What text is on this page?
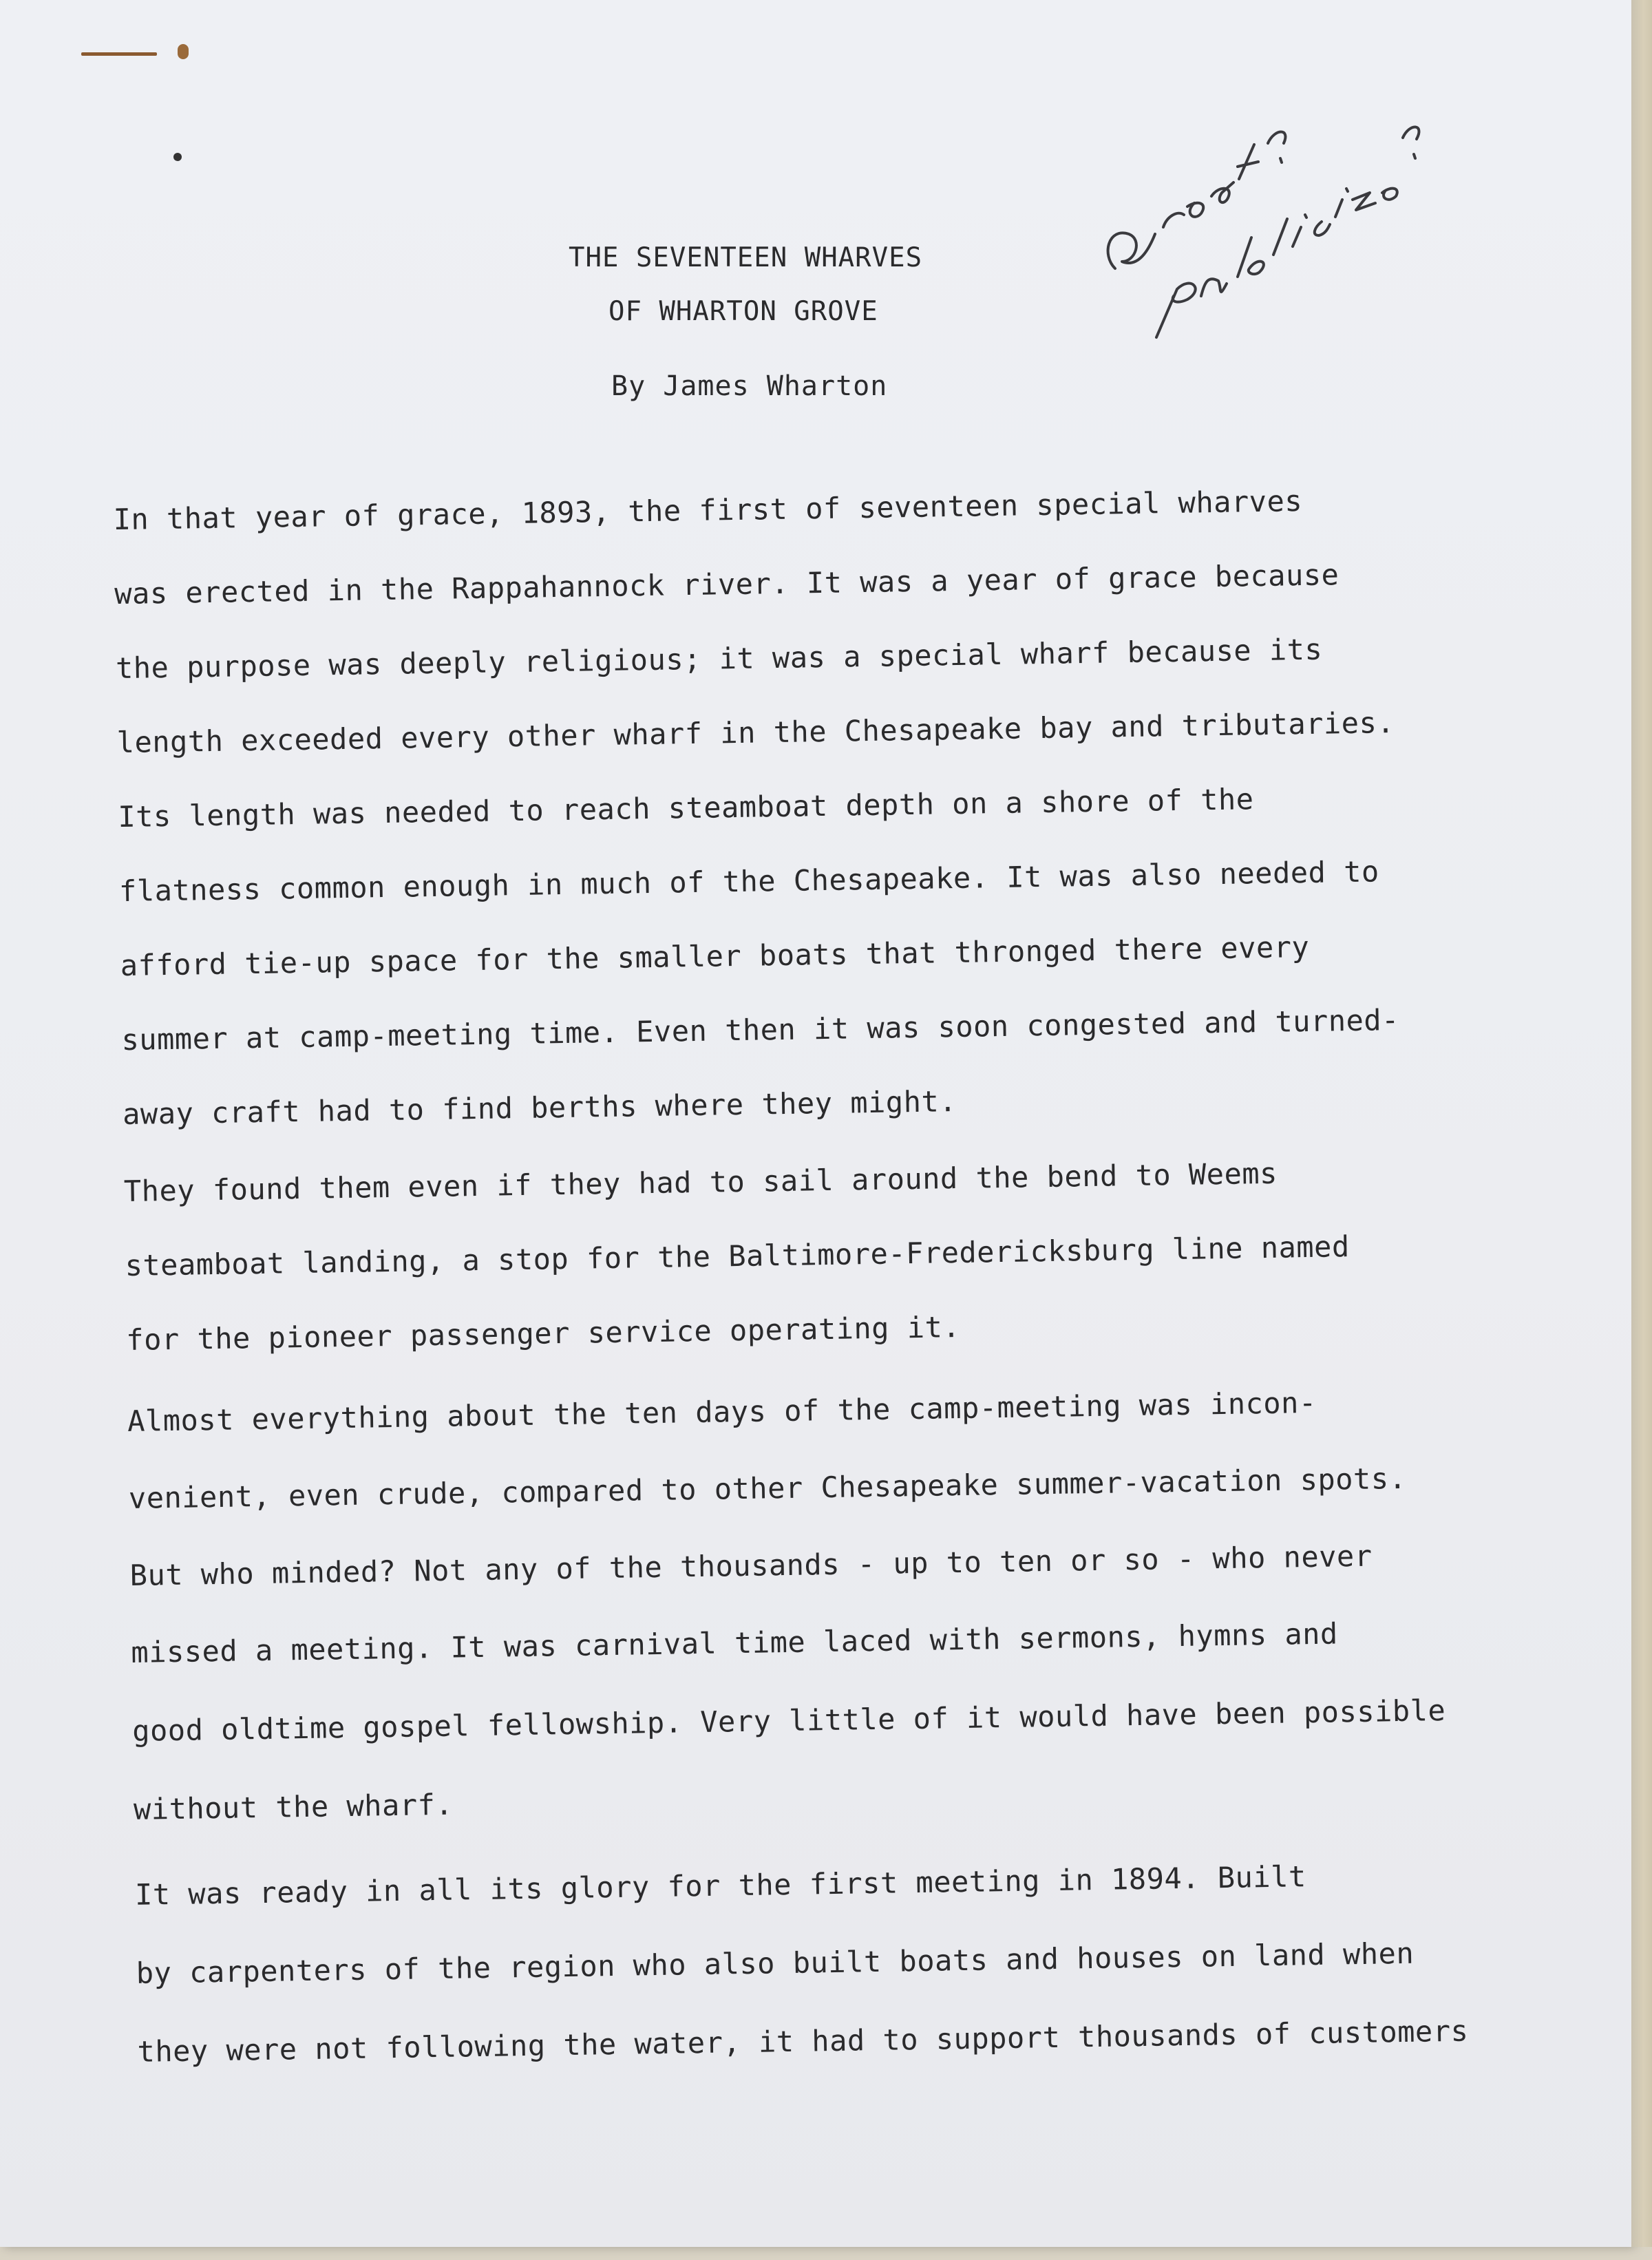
THE SEVENTEEN WHARVES
OF WHARTON GROVE
By James Wharton
In that year of grace, 1893, the first of seventeen special wharves
was erected in the Rappahannock river. It was a year of grace because
the purpose was deeply religious; it was a special wharf because its
length exceeded every other wharf in the Chesapeake bay and tributaries.
Its length was needed to reach steamboat depth on a shore of the
flatness common enough in much of the Chesapeake. It was also needed to
afford tie-up space for the smaller boats that thronged there every
summer at camp-meeting time. Even then it was soon congested and turned-
away craft had to find berths where they might.
They found them even if they had to sail around the bend to Weems
steamboat landing, a stop for the Baltimore-Fredericksburg line named
for the pioneer passenger service operating it.
Almost everything about the ten days of the camp-meeting was incon-
venient, even crude, compared to other Chesapeake summer-vacation spots.
But who minded? Not any of the thousands - up to ten or so - who never
missed a meeting. It was carnival time laced with sermons, hymns and
good oldtime gospel fellowship. Very little of it would have been possible
without the wharf.
It was ready in all its glory for the first meeting in 1894. Built
by carpenters of the region who also built boats and houses on land when
they were not following the water, it had to support thousands of customers
